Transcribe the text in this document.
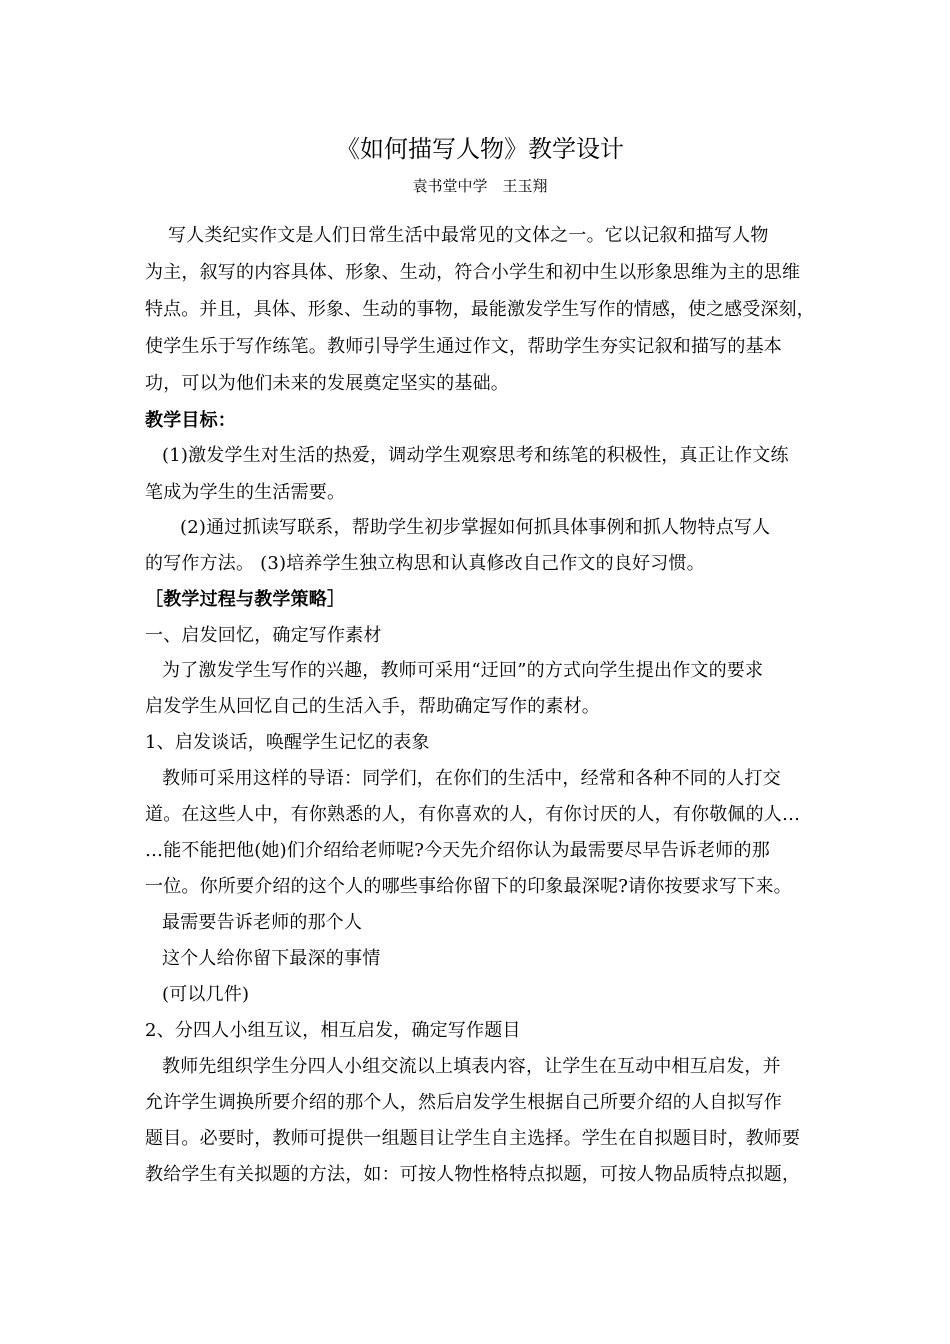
《如何描写人物》教学设计
袁书堂中学　王玉翔
写人类纪实作文是人们日常生活中最常见的文体之一。它以记叙和描写人物
为主，叙写的内容具体、形象、生动，符合小学生和初中生以形象思维为主的思维
特点。并且，具体、形象、生动的事物，最能激发学生写作的情感，使之感受深刻，
使学生乐于写作练笔。教师引导学生通过作文，帮助学生夯实记叙和描写的基本
功，可以为他们未来的发展奠定坚实的基础。
教学目标：
(1)激发学生对生活的热爱，调动学生观察思考和练笔的积极性，真正让作文练
笔成为学生的生活需要。
(2)通过抓读写联系，帮助学生初步掌握如何抓具体事例和抓人物特点写人
的写作方法。 (3)培养学生独立构思和认真修改自己作文的良好习惯。
［教学过程与教学策略］
一、启发回忆，确定写作素材
为了激发学生写作的兴趣，教师可采用“迂回”的方式向学生提出作文的要求
启发学生从回忆自己的生活入手，帮助确定写作的素材。
1、启发谈话，唤醒学生记忆的表象
教师可采用这样的导语：同学们，在你们的生活中，经常和各种不同的人打交
道。在这些人中，有你熟悉的人，有你喜欢的人，有你讨厌的人，有你敬佩的人…
…能不能把他(她)们介绍给老师呢?今天先介绍你认为最需要尽早告诉老师的那
一位。你所要介绍的这个人的哪些事给你留下的印象最深呢?请你按要求写下来。
最需要告诉老师的那个人
这个人给你留下最深的事情
(可以几件)
2、分四人小组互议，相互启发，确定写作题目
教师先组织学生分四人小组交流以上填表内容，让学生在互动中相互启发，并
允许学生调换所要介绍的那个人，然后启发学生根据自己所要介绍的人自拟写作
题目。必要时，教师可提供一组题目让学生自主选择。学生在自拟题目时，教师要
教给学生有关拟题的方法，如：可按人物性格特点拟题，可按人物品质特点拟题，
